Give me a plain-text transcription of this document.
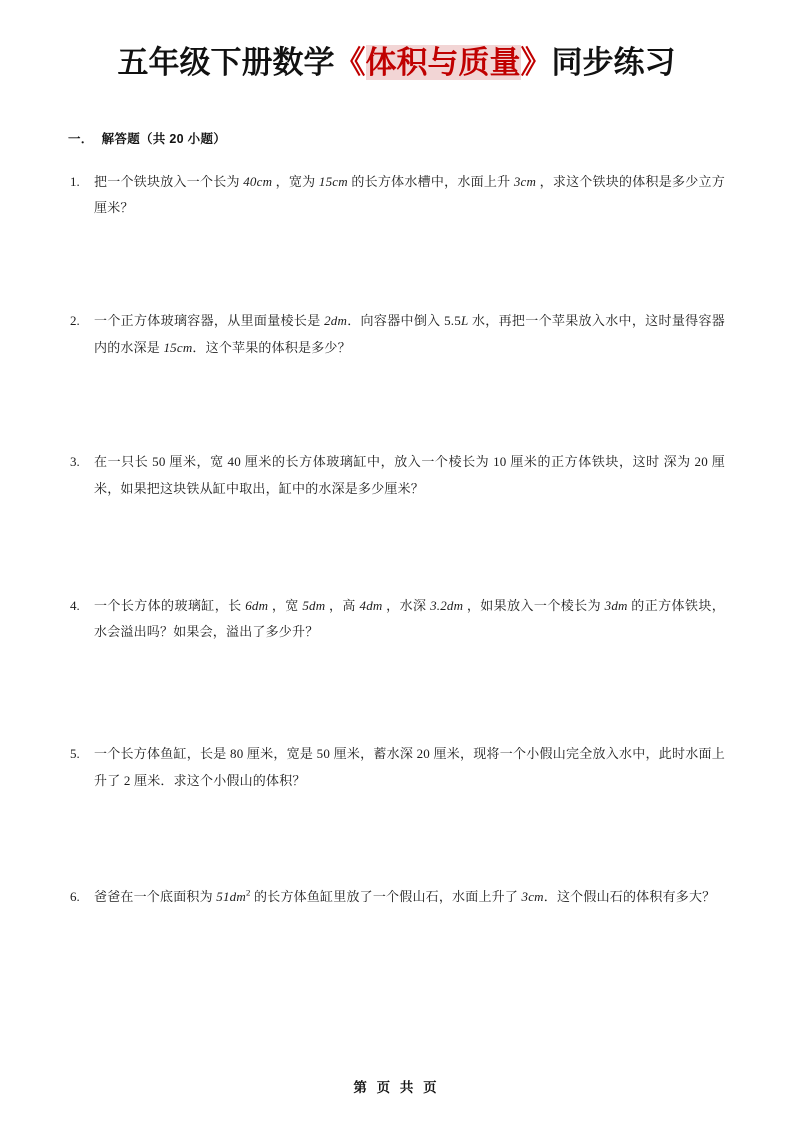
五年级下册数学《体积与质量》同步练习
一． 解答题（共 20 小题）
1.	把一个铁块放入一个长为 40cm ，宽为 15cm 的长方体水槽中，水面上升 3cm ，求这个铁块的体积是多少立方厘米？
2.	一个正方体玻璃容器，从里面量棱长是 2dm．向容器中倒入 5.5L 水，再把一个苹果放入水中，这时量得容器内的水深是 15cm．这个苹果的体积是多少？
3.	在一只长 50 厘米，宽 40 厘米的长方体玻璃缸中，放入一个棱长为 10 厘米的正方体铁块，这时 深为 20 厘米，如果把这块铁从缸中取出，缸中的水深是多少厘米？
4.	一个长方体的玻璃缸，长 6dm ，宽 5dm ，高 4dm ，水深 3.2dm ，如果放入一个棱长为 3dm 的正方体铁块，水会溢出吗？如果会，溢出了多少升？
5.	一个长方体鱼缸，长是 80 厘米，宽是 50 厘米，蓄水深 20 厘米，现将一个小假山完全放入水中，此时水面上升了 2 厘米．求这个小假山的体积？
6.	爸爸在一个底面积为 $51dm^2$ 的长方体鱼缸里放了一个假山石，水面上升了 3cm．这个假山石的体积有多大？
第 页 共 页
